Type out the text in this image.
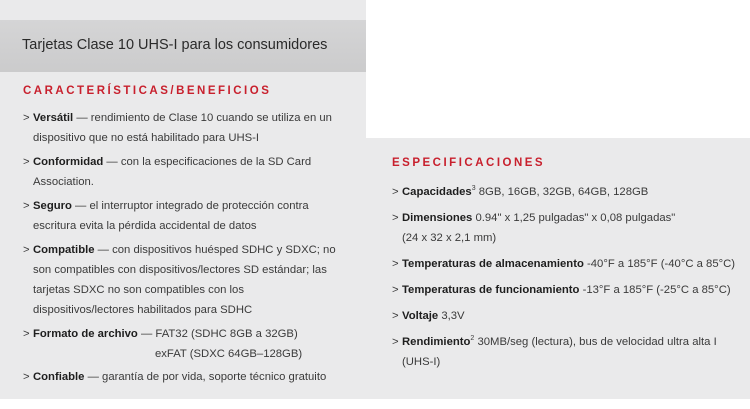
Tarjetas Clase 10 UHS-I para los consumidores
CARACTERÍSTICAS/BENEFICIOS
> Versátil — rendimiento de Clase 10 cuando se utiliza en un dispositivo que no está habilitado para UHS-I
> Conformidad — con la especificaciones de la SD Card Association.
> Seguro — el interruptor integrado de protección contra escritura evita la pérdida accidental de datos
> Compatible — con dispositivos huésped SDHC y SDXC; no son compatibles con dispositivos/lectores SD estándar; las tarjetas SDXC no son compatibles con los dispositivos/lectores habilitados para SDHC
> Formato de archivo — FAT32 (SDHC 8GB a 32GB)
exFAT (SDXC 64GB–128GB)
> Confiable — garantía de por vida, soporte técnico gratuito
ESPECIFICACIONES
> Capacidades$^3$ 8GB, 16GB, 32GB, 64GB, 128GB
> Dimensiones 0.94" x 1,25 pulgadas" x 0,08 pulgadas"
(24 x 32 x 2,1 mm)
> Temperaturas de almacenamiento -40°F a 185°F (-40°C a 85°C)
> Temperaturas de funcionamiento -13°F a 185°F (-25°C a 85°C)
> Voltaje 3,3V
> Rendimiento$^2$ 30MB/seg (lectura), bus de velocidad ultra alta I (UHS-I)
